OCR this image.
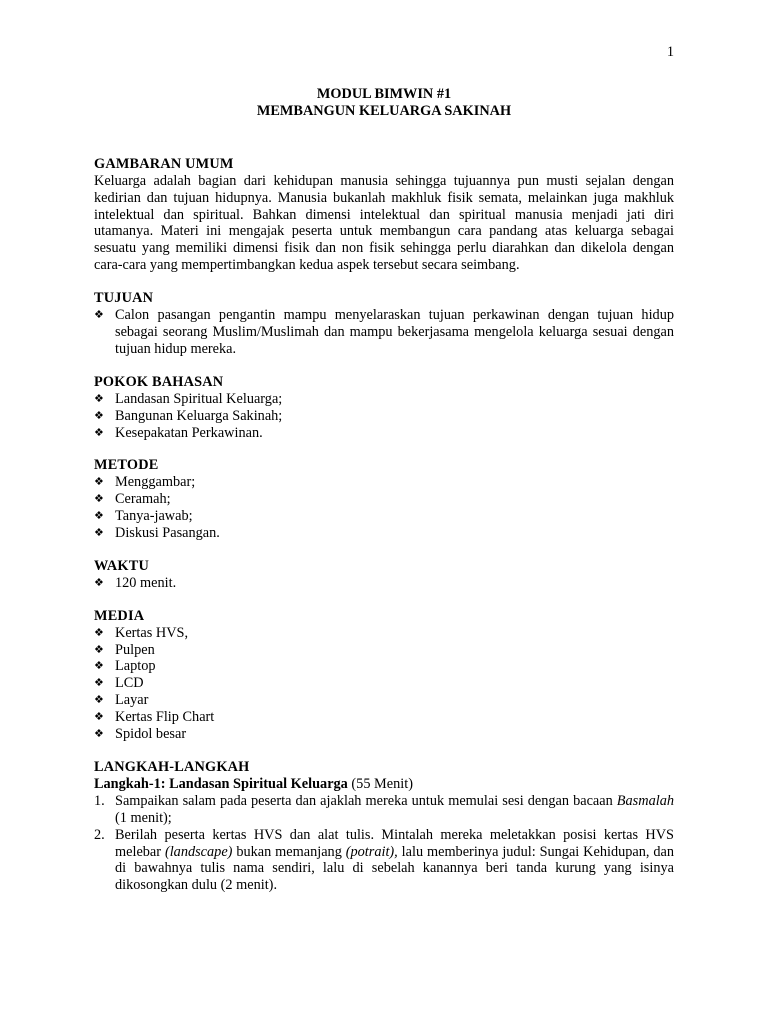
1

MODUL BIMWIN #1

MEMBANGUN KELUARGA SAKINAH

GAMBARAN UMUM

Keluarga adalah bagian dari kehidupan manusia sehingga tujuannya pun musti sejalan dengan kedirian dan tujuan hidupnya. Manusia bukanlah makhluk fisik semata, melainkan juga makhluk intelektual dan spiritual. Bahkan dimensi intelektual dan spiritual manusia menjadi jati diri utamanya. Materi ini mengajak peserta untuk membangun cara pandang atas keluarga sebagai sesuatu yang memiliki dimensi fisik dan non fisik sehingga perlu diarahkan dan dikelola dengan cara-cara yang mempertimbangkan kedua aspek tersebut secara seimbang.

TUJUAN
❖ Calon pasangan pengantin mampu menyelaraskan tujuan perkawinan dengan tujuan hidup sebagai seorang Muslim/Muslimah dan mampu bekerjasama mengelola keluarga sesuai dengan tujuan hidup mereka.
POKOK BAHASAN
❖ Landasan Spiritual Keluarga;
❖ Bangunan Keluarga Sakinah;
❖ Kesepakatan Perkawinan.
METODE
❖ Menggambar;
❖ Ceramah;
❖ Tanya-jawab;
❖ Diskusi Pasangan.
WAKTU
❖ 120 menit.
MEDIA
❖ Kertas HVS,
❖ Pulpen
❖ Laptop
❖ LCD
❖ Layar
❖ Kertas Flip Chart
❖ Spidol besar
LANGKAH-LANGKAH

Langkah-1: Landasan Spiritual Keluarga (55 Menit)

1. Sampaikan salam pada peserta dan ajaklah mereka untuk memulai sesi dengan bacaan Basmalah (1 menit);
2. Berilah peserta kertas HVS dan alat tulis. Mintalah mereka meletakkan posisi kertas HVS melebar (landscape) bukan memanjang (potrait), lalu memberinya judul: Sungai Kehidupan, dan di bawahnya tulis nama sendiri, lalu di sebelah kanannya beri tanda kurung yang isinya dikosongkan dulu (2 menit).
